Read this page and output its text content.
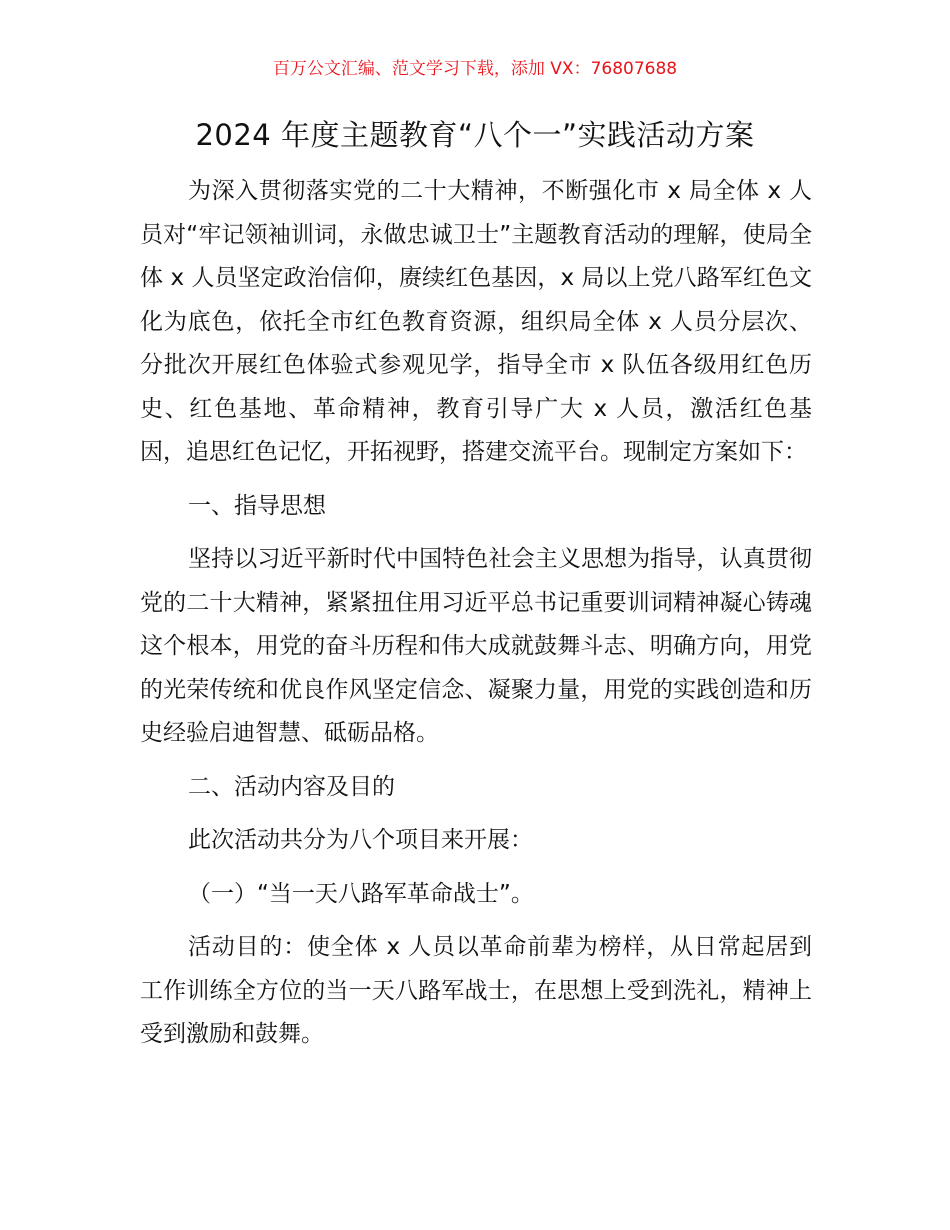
百万公文汇编、范文学习下载，添加 VX：76807688
2024 年度主题教育“八个一”实践活动方案

为深入贯彻落实党的二十大精神，不断强化市 x 局全体 x 人员对“牢记领袖训词，永做忠诚卫士”主题教育活动的理解，使局全体 x 人员坚定政治信仰，赓续红色基因，x 局以上党八路军红色文化为底色，依托全市红色教育资源，组织局全体 x 人员分层次、分批次开展红色体验式参观见学，指导全市 x 队伍各级用红色历史、红色基地、革命精神，教育引导广大 x 人员，激活红色基因，追思红色记忆，开拓视野，搭建交流平台。现制定方案如下：

一、指导思想

坚持以习近平新时代中国特色社会主义思想为指导，认真贯彻党的二十大精神，紧紧扭住用习近平总书记重要训词精神凝心铸魂这个根本，用党的奋斗历程和伟大成就鼓舞斗志、明确方向，用党的光荣传统和优良作风坚定信念、凝聚力量，用党的实践创造和历史经验启迪智慧、砥砺品格。

二、活动内容及目的

此次活动共分为八个项目来开展：

（一）“当一天八路军革命战士”。

活动目的：使全体 x 人员以革命前辈为榜样，从日常起居到工作训练全方位的当一天八路军战士，在思想上受到洗礼，精神上受到激励和鼓舞。
